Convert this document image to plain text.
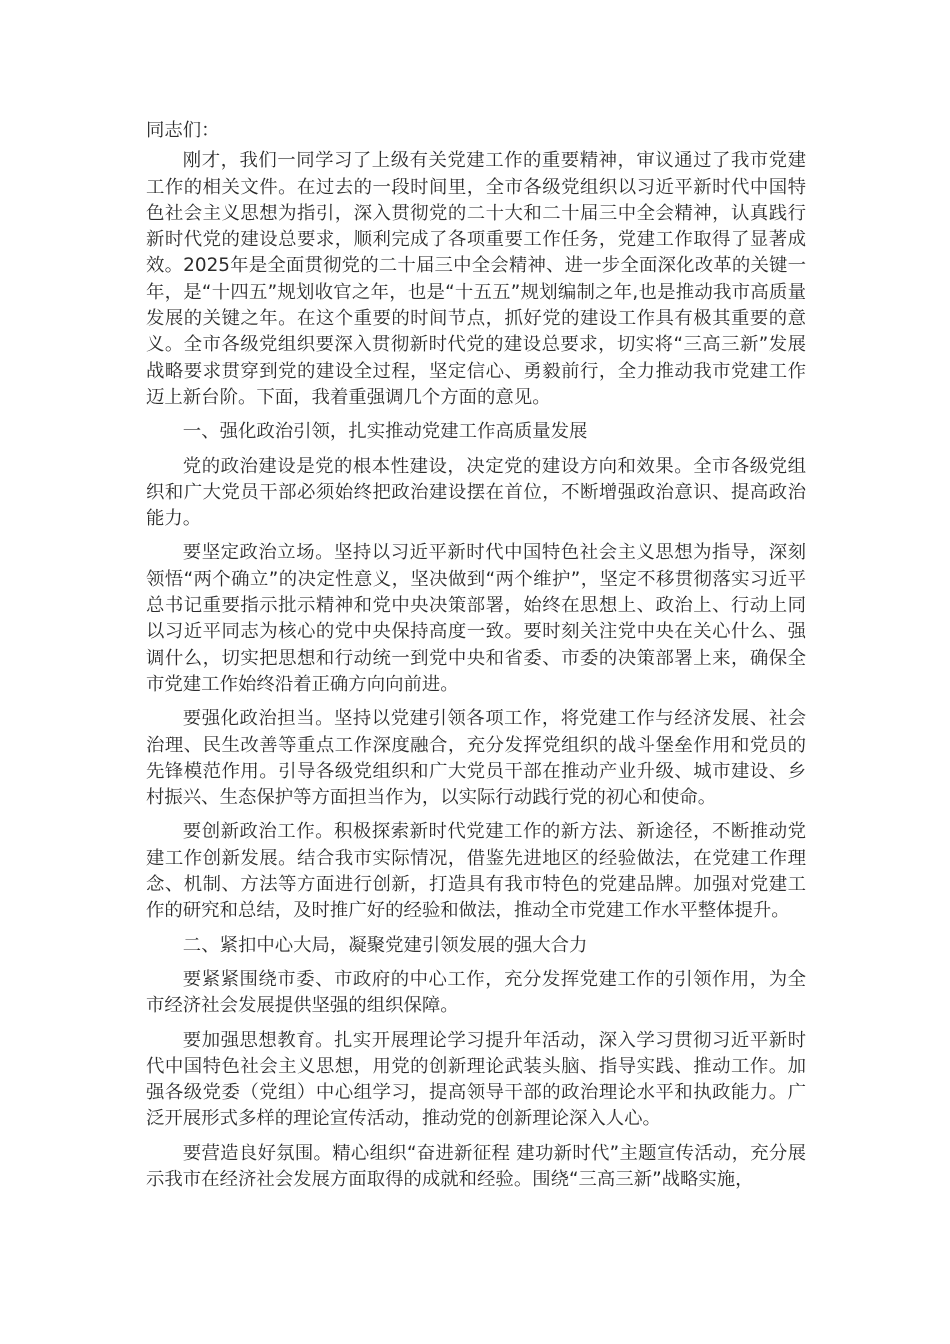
同志们：

刚才，我们一同学习了上级有关党建工作的重要精神，审议通过了我市党建工作的相关文件。在过去的一段时间里，全市各级党组织以习近平新时代中国特色社会主义思想为指引，深入贯彻党的二十大和二十届三中全会精神，认真践行新时代党的建设总要求，顺利完成了各项重要工作任务，党建工作取得了显著成效。2025年是全面贯彻党的二十届三中全会精神、进一步全面深化改革的关键一年，是“十四五”规划收官之年，也是“十五五”规划编制之年,也是推动我市高质量发展的关键之年。在这个重要的时间节点，抓好党的建设工作具有极其重要的意义。全市各级党组织要深入贯彻新时代党的建设总要求，切实将“三高三新”发展战略要求贯穿到党的建设全过程，坚定信心、勇毅前行，全力推动我市党建工作迈上新台阶。下面，我着重强调几个方面的意见。

一、强化政治引领，扎实推动党建工作高质量发展

党的政治建设是党的根本性建设，决定党的建设方向和效果。全市各级党组织和广大党员干部必须始终把政治建设摆在首位，不断增强政治意识、提高政治能力。

要坚定政治立场。坚持以习近平新时代中国特色社会主义思想为指导，深刻领悟“两个确立”的决定性意义，坚决做到“两个维护”，坚定不移贯彻落实习近平总书记重要指示批示精神和党中央决策部署，始终在思想上、政治上、行动上同以习近平同志为核心的党中央保持高度一致。要时刻关注党中央在关心什么、强调什么，切实把思想和行动统一到党中央和省委、市委的决策部署上来，确保全市党建工作始终沿着正确方向向前进。

要强化政治担当。坚持以党建引领各项工作，将党建工作与经济发展、社会治理、民生改善等重点工作深度融合，充分发挥党组织的战斗堡垒作用和党员的先锋模范作用。引导各级党组织和广大党员干部在推动产业升级、城市建设、乡村振兴、生态保护等方面担当作为，以实际行动践行党的初心和使命。

要创新政治工作。积极探索新时代党建工作的新方法、新途径，不断推动党建工作创新发展。结合我市实际情况，借鉴先进地区的经验做法，在党建工作理念、机制、方法等方面进行创新，打造具有我市特色的党建品牌。加强对党建工作的研究和总结，及时推广好的经验和做法，推动全市党建工作水平整体提升。

二、紧扣中心大局，凝聚党建引领发展的强大合力

要紧紧围绕市委、市政府的中心工作，充分发挥党建工作的引领作用，为全市经济社会发展提供坚强的组织保障。

要加强思想教育。扎实开展理论学习提升年活动，深入学习贯彻习近平新时代中国特色社会主义思想，用党的创新理论武装头脑、指导实践、推动工作。加强各级党委（党组）中心组学习，提高领导干部的政治理论水平和执政能力。广泛开展形式多样的理论宣传活动，推动党的创新理论深入人心。

要营造良好氛围。精心组织“奋进新征程 建功新时代”主题宣传活动，充分展示我市在经济社会发展方面取得的成就和经验。围绕“三高三新”战略实施，
